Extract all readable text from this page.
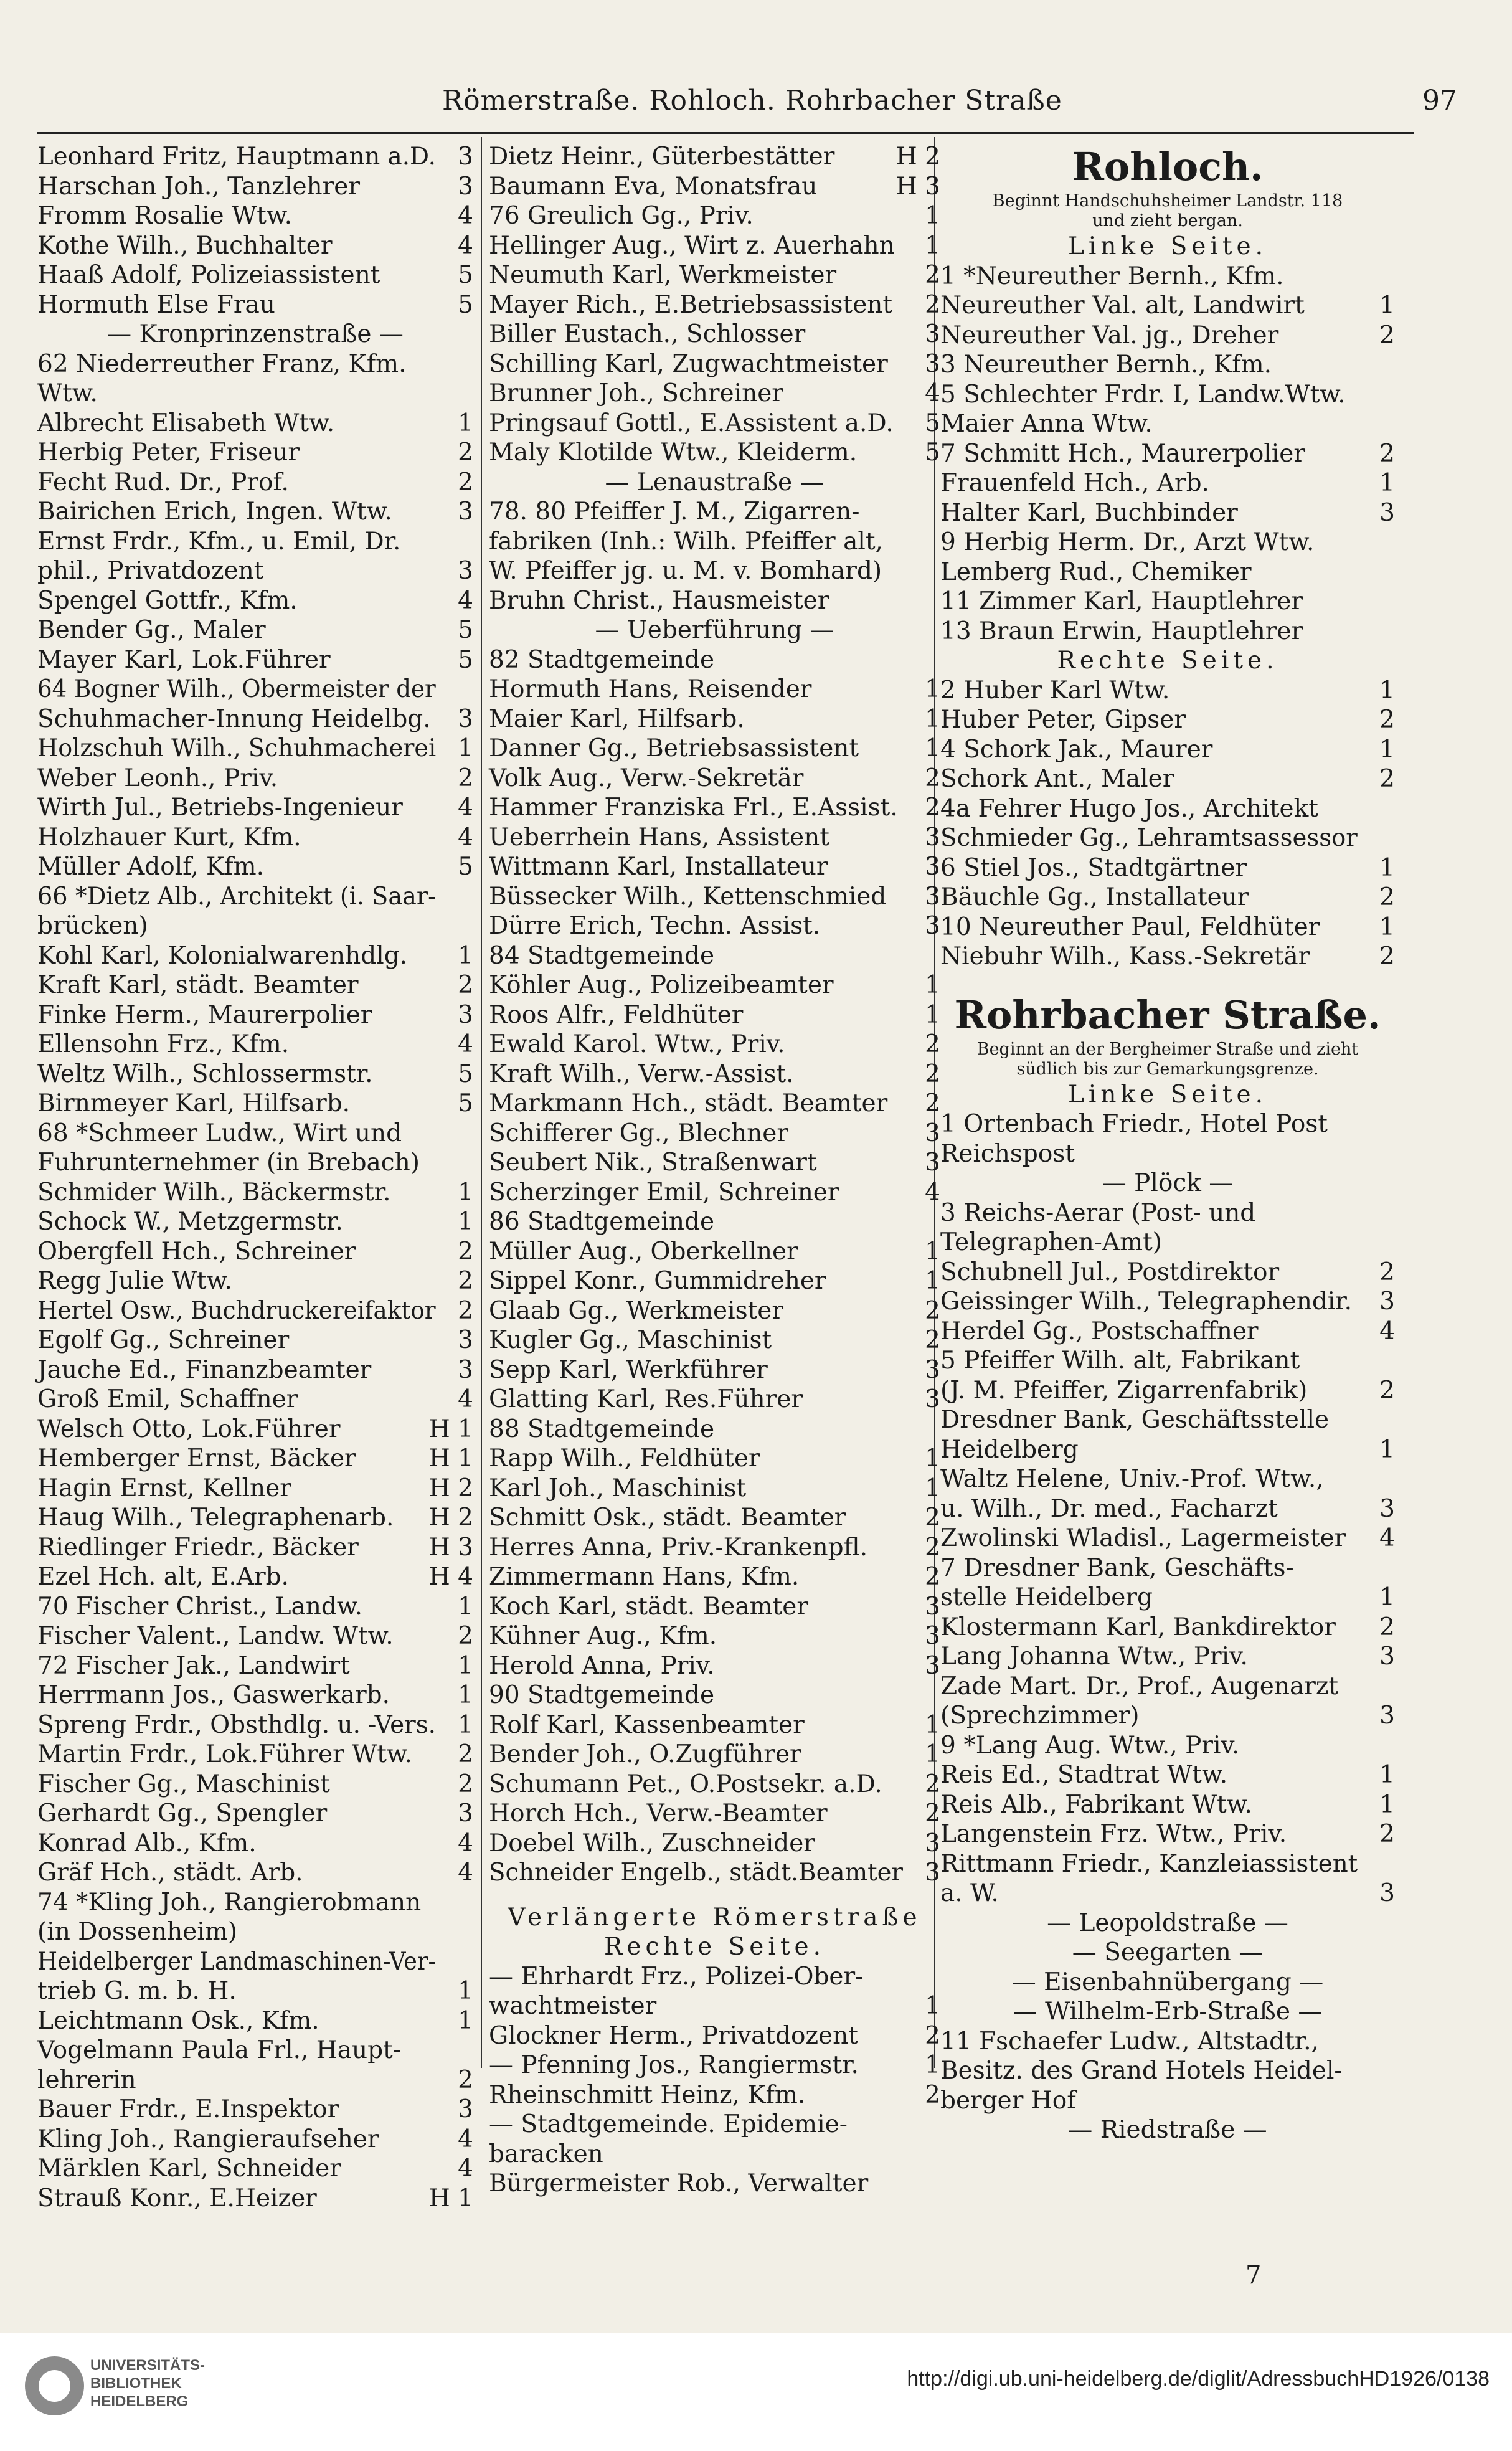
Römerstraße. Rohloch. Rohrbacher Straße	97
Leonhard Fritz, Hauptmann a.D. 3
Harschan Joh., Tanzlehrer	3
Fromm Rosalie Wtw.	4
Kothe Wilh., Buchhalter	4
Haaß Adolf, Polizeiassistent	5
Hormuth Else Frau	5
— Kronprinzenstraße —
62 Niederreuther Franz, Kfm.
Wtw.
Albrecht Elisabeth Wtw.	1
Herbig Peter, Friseur	2
Fecht Rud. Dr., Prof.	2
Bairichen Erich, Ingen. Wtw.	3
Ernst Frdr., Kfm., u. Emil, Dr.
phil., Privatdozent	3
Spengel Gottfr., Kfm.	4
Bender Gg., Maler	5
Mayer Karl, Lok.Führer	5
64 Bogner Wilh., Obermeister der
Schuhmacher-Innung Heidelbg. 3
Holzschuh Wilh., Schuhmacherei 1
Weber Leonh., Priv.	2
Wirth Jul., Betriebs-Ingenieur 4
Holzhauer Kurt, Kfm.	4
Müller Adolf, Kfm.	5
66 *Dietz Alb., Architekt (i. Saar-
brücken)
Kohl Karl, Kolonialwarenhdlg. 1
Kraft Karl, städt. Beamter	2
Finke Herm., Maurerpolier	3
Ellensohn Frz., Kfm.	4
Weltz Wilh., Schlossermstr.	5
Birnmeyer Karl, Hilfsarb.	5
68 *Schmeer Ludw., Wirt und
Fuhrunternehmer (in Brebach)
Schmider Wilh., Bäckermstr.	1
Schock W., Metzgermstr.	1
Obergfell Hch., Schreiner	2
Regg Julie Wtw.	2
Hertel Osw., Buchdruckereifaktor 2
Egolf Gg., Schreiner	3
Jauche Ed., Finanzbeamter	3
Groß Emil, Schaffner	4
Welsch Otto, Lok.Führer	H 1
Hemberger Ernst, Bäcker	H 1
Hagin Ernst, Kellner	H 2
Haug Wilh., Telegraphenarb. H 2
Riedlinger Friedr., Bäcker	H 3
Ezel Hch. alt, E.Arb.	H 4
70 Fischer Christ., Landw.	1
Fischer Valent., Landw. Wtw.	2
72 Fischer Jak., Landwirt	1
Herrmann Jos., Gaswerkarb.	1
Spreng Frdr., Obsthdlg. u. -Vers. 1
Martin Frdr., Lok.Führer Wtw. 2
Fischer Gg., Maschinist	2
Gerhardt Gg., Spengler	3
Konrad Alb., Kfm.	4
Gräf Hch., städt. Arb.	4
74 *Kling Joh., Rangierobmann
(in Dossenheim)
Heidelberger Landmaschinen-Ver-
trieb G. m. b. H.	1
Leichtmann Osk., Kfm.	1
Vogelmann Paula Frl., Haupt-
lehrerin	2
Bauer Frdr., E.Inspektor	3
Kling Joh., Rangieraufseher	4
Märklen Karl, Schneider	4
Strauß Konr., E.Heizer	H 1
Dietz Heinr., Güterbestätter	H 2
Baumann Eva, Monatsfrau	H 3
76 Greulich Gg., Priv.	1
Hellinger Aug., Wirt z. Auerhahn 1
Neumuth Karl, Werkmeister	2
Mayer Rich., E.Betriebsassistent 2
Biller Eustach., Schlosser	3
Schilling Karl, Zugwachtmeister 3
Brunner Joh., Schreiner	4
Pringsauf Gottl., E.Assistent a.D. 5
Maly Klotilde Wtw., Kleiderm.	5
— Lenaustraße —
78. 80 Pfeiffer J. M., Zigarren-
fabriken (Inh.: Wilh. Pfeiffer alt,
W. Pfeiffer jg. u. M. v. Bomhard)
Bruhn Christ., Hausmeister
— Ueberführung —
82 Stadtgemeinde
Hormuth Hans, Reisender	1
Maier Karl, Hilfsarb.	1
Danner Gg., Betriebsassistent	1
Volk Aug., Verw.-Sekretär	2
Hammer Franziska Frl., E.Assist. 2
Ueberrhein Hans, Assistent	3
Wittmann Karl, Installateur	3
Büssecker Wilh., Kettenschmied 3
Dürre Erich, Techn. Assist.	3
84 Stadtgemeinde
Köhler Aug., Polizeibeamter	1
Roos Alfr., Feldhüter	1
Ewald Karol. Wtw., Priv.	2
Kraft Wilh., Verw.-Assist.	2
Markmann Hch., städt. Beamter 2
Schifferer Gg., Blechner	3
Seubert Nik., Straßenwart	3
Scherzinger Emil, Schreiner	4
86 Stadtgemeinde
Müller Aug., Oberkellner	1
Sippel Konr., Gummidreher	1
Glaab Gg., Werkmeister	2
Kugler Gg., Maschinist	2
Sepp Karl, Werkführer	3
Glatting Karl, Res.Führer	3
88 Stadtgemeinde
Rapp Wilh., Feldhüter	1
Karl Joh., Maschinist	1
Schmitt Osk., städt. Beamter	2
Herres Anna, Priv.-Krankenpfl. 2
Zimmermann Hans, Kfm.	2
Koch Karl, städt. Beamter	3
Kühner Aug., Kfm.	3
Herold Anna, Priv.	3
90 Stadtgemeinde
Rolf Karl, Kassenbeamter	1
Bender Joh., O.Zugführer	1
Schumann Pet., O.Postsekr. a.D. 2
Horch Hch., Verw.-Beamter	2
Doebel Wilh., Zuschneider	3
Schneider Engelb., städt.Beamter 3
Verlängerte Römerstraße
Rechte Seite.
— Ehrhardt Frz., Polizei-Ober-
wachtmeister	1
Glockner Herm., Privatdozent	2
— Pfenning Jos., Rangiermstr.	1
Rheinschmitt Heinz, Kfm.	2
— Stadtgemeinde. Epidemie-
baracken
Bürgermeister Rob., Verwalter
Rohloch.
Beginnt Handschuhsheimer Landstr. 118
und zieht bergan.
Linke Seite.
1 *Neureuther Bernh., Kfm.
Neureuther Val. alt, Landwirt	1
Neureuther Val. jg., Dreher	2
3 Neureuther Bernh., Kfm.
5 Schlechter Frdr. I, Landw.Wtw.
Maier Anna Wtw.
7 Schmitt Hch., Maurerpolier	2
Frauenfeld Hch., Arb.	1
Halter Karl, Buchbinder	3
9 Herbig Herm. Dr., Arzt Wtw.
Lemberg Rud., Chemiker
11 Zimmer Karl, Hauptlehrer
13 Braun Erwin, Hauptlehrer
Rechte Seite.
2 Huber Karl Wtw.	1
Huber Peter, Gipser	2
4 Schork Jak., Maurer	1
Schork Ant., Maler	2
4a Fehrer Hugo Jos., Architekt
Schmieder Gg., Lehramtsassessor
6 Stiel Jos., Stadtgärtner	1
Bäuchle Gg., Installateur	2
10 Neureuther Paul, Feldhüter 1
Niebuhr Wilh., Kass.-Sekretär	2
Rohrbacher Straße.
Beginnt an der Bergheimer Straße und zieht
südlich bis zur Gemarkungsgrenze.
Linke Seite.
1 Ortenbach Friedr., Hotel Post
Reichspost
— Plöck —
3 Reichs-Aerar (Post- und
Telegraphen-Amt)
Schubnell Jul., Postdirektor	2
Geissinger Wilh., Telegraphendir. 3
Herdel Gg., Postschaffner	4
5 Pfeiffer Wilh. alt, Fabrikant
(J. M. Pfeiffer, Zigarrenfabrik)	2
Dresdner Bank, Geschäftsstelle
Heidelberg	1
Waltz Helene, Univ.-Prof. Wtw.,
u. Wilh., Dr. med., Facharzt	3
Zwolinski Wladisl., Lagermeister 4
7 Dresdner Bank, Geschäfts-
stelle Heidelberg	1
Klostermann Karl, Bankdirektor 2
Lang Johanna Wtw., Priv.	3
Zade Mart. Dr., Prof., Augenarzt
(Sprechzimmer)	3
9 *Lang Aug. Wtw., Priv.
Reis Ed., Stadtrat Wtw.	1
Reis Alb., Fabrikant Wtw.	1
Langenstein Frz. Wtw., Priv.	2
Rittmann Friedr., Kanzleiassistent
a. W.	3
— Leopoldstraße —
— Seegarten —
— Eisenbahnübergang —
— Wilhelm-Erb-Straße —
11 Fschaefer Ludw., Altstadtr.,
Besitz. des Grand Hotels Heidel-
berger Hof
— Riedstraße —
7
UNIVERSITÄTS-
BIBLIOTHEK
HEIDELBERG
http://digi.ub.uni-heidelberg.de/diglit/AdressbuchHD1926/0138
